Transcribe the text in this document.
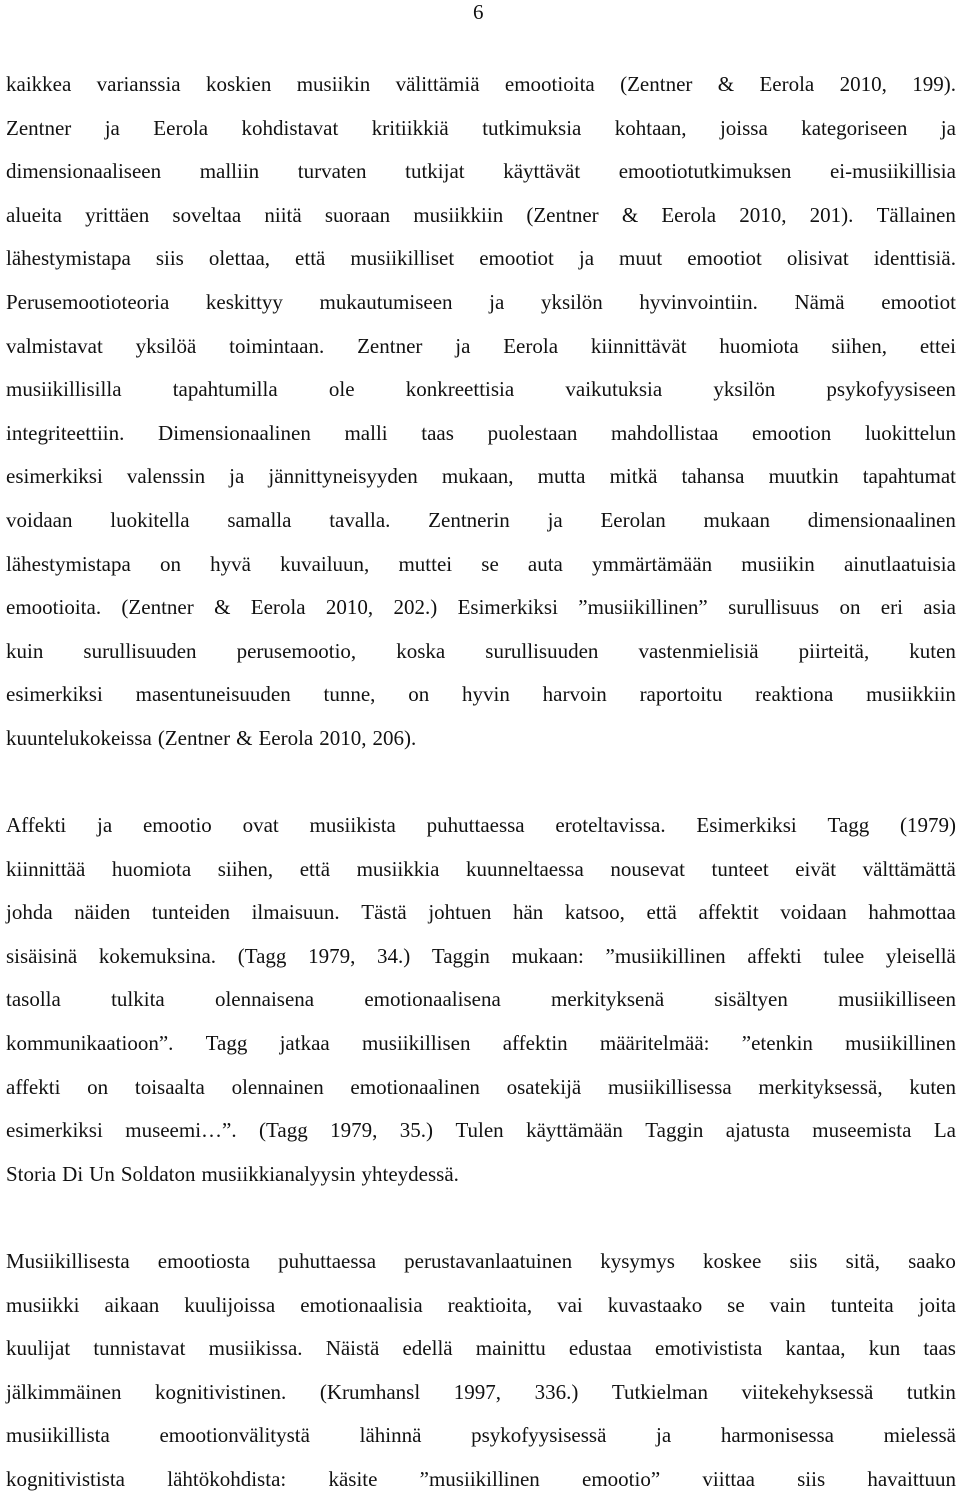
6
kaikkea varianssia koskien musiikin välittämiä emootioita (Zentner & Eerola 2010, 199).
Zentner ja Eerola kohdistavat kritiikkiä tutkimuksia kohtaan, joissa kategoriseen ja
dimensionaaliseen malliin turvaten tutkijat käyttävät emootiotutkimuksen ei-musiikillisia
alueita yrittäen soveltaa niitä suoraan musiikkiin (Zentner & Eerola 2010, 201). Tällainen
lähestymistapa siis olettaa, että musiikilliset emootiot ja muut emootiot olisivat identtisiä.
Perusemootioteoria keskittyy mukautumiseen ja yksilön hyvinvointiin. Nämä emootiot
valmistavat yksilöä toimintaan. Zentner ja Eerola kiinnittävät huomiota siihen, ettei
musiikillisilla tapahtumilla ole konkreettisia vaikutuksia yksilön psykofyysiseen
integriteettiin. Dimensionaalinen malli taas puolestaan mahdollistaa emootion luokittelun
esimerkiksi valenssin ja jännittyneisyyden mukaan, mutta mitkä tahansa muutkin tapahtumat
voidaan luokitella samalla tavalla. Zentnerin ja Eerolan mukaan dimensionaalinen
lähestymistapa on hyvä kuvailuun, muttei se auta ymmärtämään musiikin ainutlaatuisia
emootioita. (Zentner & Eerola 2010, 202.) Esimerkiksi ”musiikillinen” surullisuus on eri asia
kuin surullisuuden perusemootio, koska surullisuuden vastenmielisiä piirteitä, kuten
esimerkiksi masentuneisuuden tunne, on hyvin harvoin raportoitu reaktiona musiikkiin
kuuntelukokeissa (Zentner & Eerola 2010, 206).
Affekti ja emootio ovat musiikista puhuttaessa eroteltavissa. Esimerkiksi Tagg (1979)
kiinnittää huomiota siihen, että musiikkia kuunneltaessa nousevat tunteet eivät välttämättä
johda näiden tunteiden ilmaisuun. Tästä johtuen hän katsoo, että affektit voidaan hahmottaa
sisäisinä kokemuksina. (Tagg 1979, 34.) Taggin mukaan: ”musiikillinen affekti tulee yleisellä
tasolla tulkita olennaisena emotionaalisena merkityksenä sisältyen musiikilliseen
kommunikaatioon”. Tagg jatkaa musiikillisen affektin määritelmää: ”etenkin musiikillinen
affekti on toisaalta olennainen emotionaalinen osatekijä musiikillisessa merkityksessä, kuten
esimerkiksi museemi…”. (Tagg 1979, 35.) Tulen käyttämään Taggin ajatusta museemista La
Storia Di Un Soldaton musiikkianalyysin yhteydessä.
Musiikillisesta emootiosta puhuttaessa perustavanlaatuinen kysymys koskee siis sitä, saako
musiikki aikaan kuulijoissa emotionaalisia reaktioita, vai kuvastaako se vain tunteita joita
kuulijat tunnistavat musiikissa. Näistä edellä mainittu edustaa emotivistista kantaa, kun taas
jälkimmäinen kognitivistinen. (Krumhansl 1997, 336.) Tutkielman viitekehyksessä tutkin
musiikillista emootionvälitystä lähinnä psykofyysisessä ja harmonisessa mielessä
kognitivistista lähtökohdista: käsite ”musiikillinen emootio” viittaa siis havaittuun
